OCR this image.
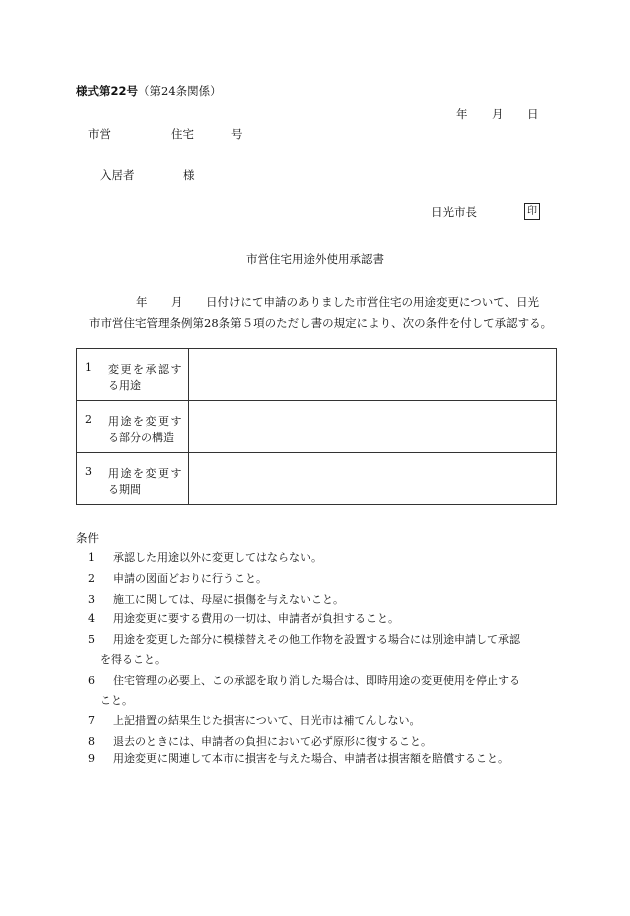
様式第22号（第24条関係）
年 月 日
市営	住宅	号
入居者	様
日光市長	印
市営住宅用途外使用承認書
年 月 日付けにて申請のありました市営住宅の用途変更について、日光
市市営住宅管理条例第28条第５項のただし書の規定により、次の条件を付して承認する。
1 変更を承認す
る用途	

2 用途を変更す
る部分の構造	

3 用途を変更す
る期間	

条件
1 承認した用途以外に変更してはならない。
2 申請の図面どおりに行うこと。
3 施工に関しては、母屋に損傷を与えないこと。
4 用途変更に要する費用の一切は、申請者が負担すること。
5 用途を変更した部分に模様替えその他工作物を設置する場合には別途申請して承認
を得ること。
6 住宅管理の必要上、この承認を取り消した場合は、即時用途の変更使用を停止する
こと。
7 上記措置の結果生じた損害について、日光市は補てんしない。
8 退去のときには、申請者の負担において必ず原形に復すること。
9 用途変更に関連して本市に損害を与えた場合、申請者は損害額を賠償すること。
